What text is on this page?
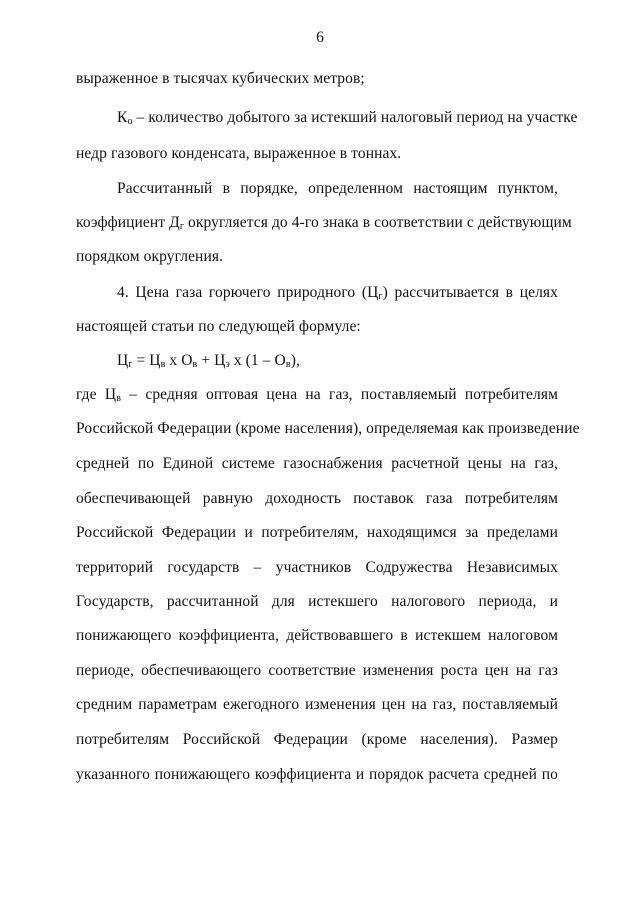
6
выраженное в тысячах кубических метров;
$К_о$ – количество добытого за истекший налоговый период на участке
недр газового конденсата, выраженное в тоннах.
Рассчитанный в порядке, определенном настоящим пунктом,
коэффициент $Д_г$ округляется до 4-го знака в соответствии с действующим
порядком округления.
4. Цена газа горючего природного $(Ц_г)$ рассчитывается в целях
настоящей статьи по следующей формуле:
$Ц_г = Ц_в$ х $О_в + Ц_э$ х $(1 - О_в)$,
где $Ц_в$ – средняя оптовая цена на газ, поставляемый потребителям
Российской Федерации (кроме населения), определяемая как произведение
средней по Единой системе газоснабжения расчетной цены на газ,
обеспечивающей равную доходность поставок газа потребителям
Российской Федерации и потребителям, находящимся за пределами
территорий государств – участников Содружества Независимых
Государств, рассчитанной для истекшего налогового периода, и
понижающего коэффициента, действовавшего в истекшем налоговом
периоде, обеспечивающего соответствие изменения роста цен на газ
средним параметрам ежегодного изменения цен на газ, поставляемый
потребителям Российской Федерации (кроме населения). Размер
указанного понижающего коэффициента и порядок расчета средней по
